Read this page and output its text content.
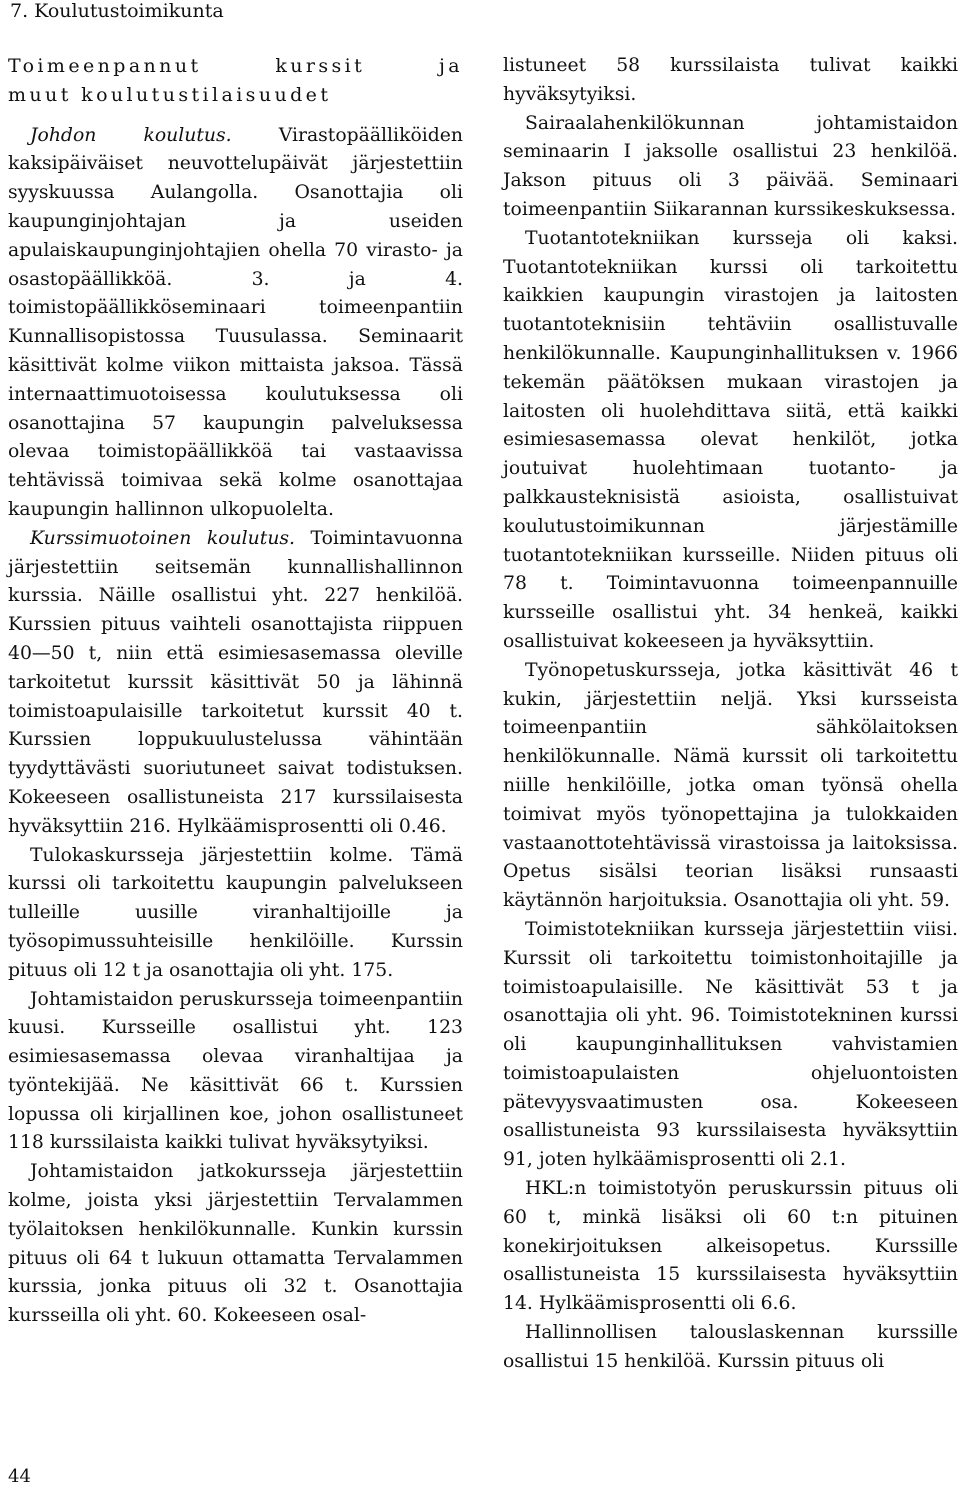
7. Koulutustoimikunta
Toimeenpannut kurssit ja
muut koulutustilaisuudet

Johdon koulutus. Virastopäälliköiden kaksipäiväiset neuvottelupäivät järjestettiin syyskuussa Aulangolla. Osanottajia oli kaupunginjohtajan ja useiden apulaiskaupunginjohtajien ohella 70 virasto- ja osastopäällikköä. 3. ja 4. toimistopäällikköseminaari toimeenpantiin Kunnallisopistossa Tuusulassa. Seminaarit käsittivät kolme viikon mittaista jaksoa. Tässä internaattimuotoisessa koulutuksessa oli osanottajina 57 kaupungin palveluksessa olevaa toimistopäällikköä tai vastaavissa tehtävissä toimivaa sekä kolme osanottajaa kaupungin hallinnon ulkopuolelta.

Kurssimuotoinen koulutus. Toimintavuonna järjestettiin seitsemän kunnallishallinnon kurssia. Näille osallistui yht. 227 henkilöä. Kurssien pituus vaihteli osanottajista riippuen 40—50 t, niin että esimiesasemassa oleville tarkoitetut kurssit käsittivät 50 ja lähinnä toimistoapulaisille tarkoitetut kurssit 40 t. Kurssien loppukuulustelussa vähintään tyydyttävästi suoriutuneet saivat todistuksen. Kokeeseen osallistuneista 217 kurssilaisesta hyväksyttiin 216. Hylkäämisprosentti oli 0.46.

Tulokaskursseja järjestettiin kolme. Tämä kurssi oli tarkoitettu kaupungin palvelukseen tulleille uusille viranhaltijoille ja työsopimussuhteisille henkilöille. Kurssin pituus oli 12 t ja osanottajia oli yht. 175.

Johtamistaidon peruskursseja toimeenpantiin kuusi. Kursseille osallistui yht. 123 esimiesasemassa olevaa viranhaltijaa ja työntekijää. Ne käsittivät 66 t. Kurssien lopussa oli kirjallinen koe, johon osallistuneet 118 kurssilaista kaikki tulivat hyväksytyiksi.

Johtamistaidon jatkokursseja järjestettiin kolme, joista yksi järjestettiin Tervalammen työlaitoksen henkilökunnalle. Kunkin kurssin pituus oli 64 t lukuun ottamatta Tervalammen kurssia, jonka pituus oli 32 t. Osanottajia kursseilla oli yht. 60. Kokeeseen osal-

listuneet 58 kurssilaista tulivat kaikki hyväksytyiksi.

Sairaalahenkilökunnan johtamistaidon seminaarin I jaksolle osallistui 23 henkilöä. Jakson pituus oli 3 päivää. Seminaari toimeenpantiin Siikarannan kurssikeskuksessa.

Tuotantotekniikan kursseja oli kaksi. Tuotantotekniikan kurssi oli tarkoitettu kaikkien kaupungin virastojen ja laitosten tuotantoteknisiin tehtäviin osallistuvalle henkilökunnalle. Kaupunginhallituksen v. 1966 tekemän päätöksen mukaan virastojen ja laitosten oli huolehdittava siitä, että kaikki esimiesasemassa olevat henkilöt, jotka joutuivat huolehtimaan tuotanto- ja palkkausteknisistä asioista, osallistuivat koulutustoimikunnan järjestämille tuotantotekniikan kursseille. Niiden pituus oli 78 t. Toimintavuonna toimeenpannuille kursseille osallistui yht. 34 henkeä, kaikki osallistuivat kokeeseen ja hyväksyttiin.

Työnopetuskursseja, jotka käsittivät 46 t kukin, järjestettiin neljä. Yksi kursseista toimeenpantiin sähkölaitoksen henkilökunnalle. Nämä kurssit oli tarkoitettu niille henkilöille, jotka oman työnsä ohella toimivat myös työnopettajina ja tulokkaiden vastaanottotehtävissä virastoissa ja laitoksissa. Opetus sisälsi teorian lisäksi runsaasti käytännön harjoituksia. Osanottajia oli yht. 59.

Toimistotekniikan kursseja järjestettiin viisi. Kurssit oli tarkoitettu toimistonhoitajille ja toimistoapulaisille. Ne käsittivät 53 t ja osanottajia oli yht. 96. Toimistotekninen kurssi oli kaupunginhallituksen vahvistamien toimistoapulaisten ohjeluontoisten pätevyysvaatimusten osa. Kokeeseen osallistuneista 93 kurssilaisesta hyväksyttiin 91, joten hylkäämisprosentti oli 2.1.

HKL:n toimistotyön peruskurssin pituus oli 60 t, minkä lisäksi oli 60 t:n pituinen konekirjoituksen alkeisopetus. Kurssille osallistuneista 15 kurssilaisesta hyväksyttiin 14. Hylkäämisprosentti oli 6.6.

Hallinnollisen talouslaskennan kurssille osallistui 15 henkilöä. Kurssin pituus oli

44
